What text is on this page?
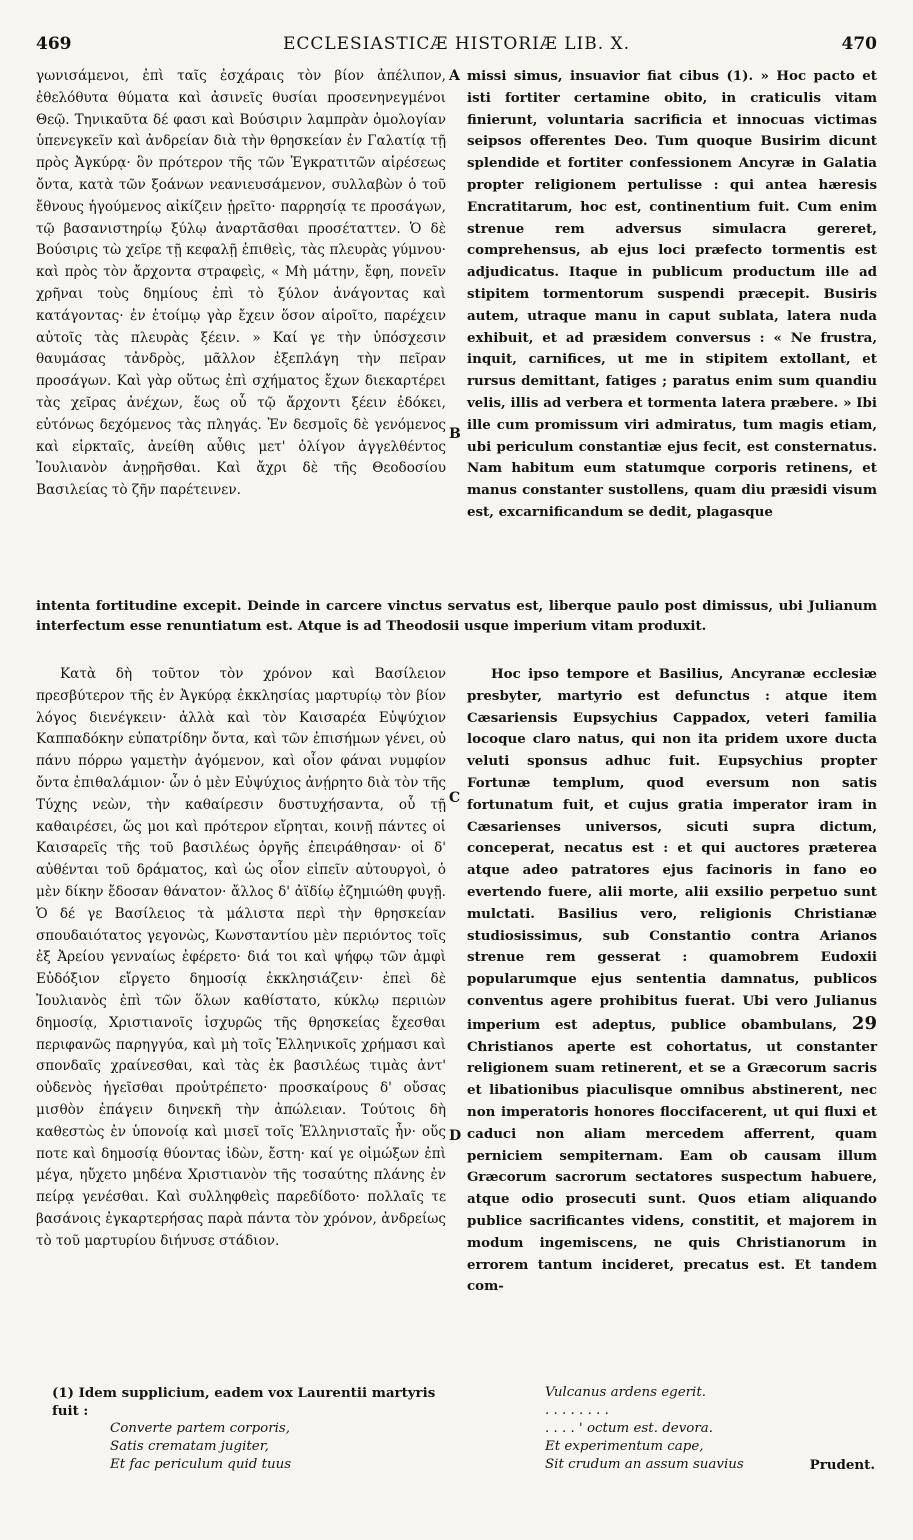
469	ECCLESIASTICÆ HISTORIÆ LIB. X.	470

γωνισάμενοι, ἐπὶ ταῖς ἐσχάραις τὸν βίον ἀπέλιπον, ἐθελόθυτα θύματα καὶ ἀσινεῖς θυσίαι προσενηνεγμένοι Θεῷ. Τηνικαῦτα δέ φασι καὶ Βούσιριν λαμπρὰν ὁμολογίαν ὑπενεγκεῖν καὶ ἀνδρείαν διὰ τὴν θρησκείαν ἐν Γαλατίᾳ τῇ πρὸς Ἀγκύρᾳ· ὃν πρότερον τῆς τῶν Ἐγκρατιτῶν αἱρέσεως ὄντα, κατὰ τῶν ξοάνων νεανιευσάμενον, συλλαβὼν ὁ τοῦ ἔθνους ἡγούμενος αἰκίζειν ᾑρεῖτο· παρρησίᾳ τε προσάγων, τῷ βασανιστηρίῳ ξύλῳ ἀναρτᾶσθαι προσέταττεν. Ὁ δὲ Βούσιρις τὼ χεῖρε τῇ κεφαλῇ ἐπιθεὶς, τὰς πλευρὰς γύμνου· καὶ πρὸς τὸν ἄρχοντα στραφεὶς, « Μὴ μάτην, ἔφη, πονεῖν χρῆναι τοὺς δημίους ἐπὶ τὸ ξύλον ἀνάγοντας καὶ κατάγοντας· ἐν ἑτοίμῳ γὰρ ἔχειν ὅσον αἱροῖτο, παρέχειν αὐτοῖς τὰς πλευρὰς ξέειν. » Καί γε τὴν ὑπόσχεσιν θαυμάσας τἀνδρὸς, μᾶλλον ἐξεπλάγη τὴν πεῖραν προσάγων. Καὶ γὰρ οὕτως ἐπὶ σχήματος ἔχων διεκαρτέρει τὰς χεῖρας ἀνέχων, ἕως οὗ τῷ ἄρχοντι ξέειν ἐδόκει, εὐτόνως δεχόμενος τὰς πληγάς. Ἐν δεσμοῖς δὲ γενόμενος καὶ εἱρκταῖς, ἀνείθη αὖθις μετ' ὀλίγον ἀγγελθέντος Ἰουλιανὸν ἀνῃρῆσθαι. Καὶ ἄχρι δὲ τῆς Θεοδοσίου Βασιλείας τὸ ζῆν παρέτεινεν.

missi simus, insuavior fiat cibus (1). » Hoc pacto et isti fortiter certamine obito, in craticulis vitam finierunt, voluntaria sacrificia et innocuas victimas seipsos offerentes Deo. Tum quoque Busirim dicunt splendide et fortiter confessionem Ancyræ in Galatia propter religionem pertulisse : qui antea hæresis Encratitarum, hoc est, continentium fuit. Cum enim strenue rem adversus simulacra gereret, comprehensus, ab ejus loci præfecto tormentis est adjudicatus. Itaque in publicum productum ille ad stipitem tormentorum suspendi præcepit. Busiris autem, utraque manu in caput sublata, latera nuda exhibuit, et ad præsidem conversus : « Ne frustra, inquit, carnifices, ut me in stipitem extollant, et rursus demittant, fatiges ; paratus enim sum quandiu velis, illis ad verbera et tormenta latera præbere. » Ibi ille cum promissum viri admiratus, tum magis etiam, ubi periculum constantiæ ejus fecit, est consternatus. Nam habitum eum statumque corporis retinens, et manus constanter sustollens, quam diu præsidi visum est, excarnificandum se dedit, plagasque

A
B
C
D
intenta fortitudine excepit. Deinde in carcere vinctus servatus est, liberque paulo post dimissus, ubi Julianum interfectum esse renuntiatum est. Atque is ad Theodosii usque imperium vitam produxit.

Κατὰ δὴ τοῦτον τὸν χρόνον καὶ Βασίλειον πρεσβύτερον τῆς ἐν Ἀγκύρᾳ ἐκκλησίας μαρτυρίῳ τὸν βίον λόγος διενέγκειν· ἀλλὰ καὶ τὸν Καισαρέα Εὐψύχιον Καππαδόκην εὐπατρίδην ὄντα, καὶ τῶν ἐπισήμων γένει, οὐ πάνυ πόρρω γαμετὴν ἀγόμενον, καὶ οἷον φάναι νυμφίον ὄντα ἐπιθαλάμιον· ὧν ὁ μὲν Εὐψύχιος ἀνῄρητο διὰ τὸν τῆς Τύχης νεὼν, τὴν καθαίρεσιν δυστυχήσαντα, οὗ τῇ καθαιρέσει, ὥς μοι καὶ πρότερον εἴρηται, κοινῇ πάντες οἱ Καισαρεῖς τῆς τοῦ βασιλέως ὀργῆς ἐπειράθησαν· οἱ δ' αὐθένται τοῦ δράματος, καὶ ὡς οἷον εἰπεῖν αὐτουργοὶ, ὁ μὲν δίκην ἔδοσαν θάνατον· ἄλλος δ' ἀϊδίῳ ἐζημιώθη φυγῇ. Ὁ δέ γε Βασίλειος τὰ μάλιστα περὶ τὴν θρησκείαν σπουδαιότατος γεγονὼς, Κωνσταντίου μὲν περιόντος τοῖς ἐξ Ἀρείου γενναίως ἐφέρετο· διά τοι καὶ ψήφῳ τῶν ἀμφὶ Εὐδόξιον εἴργετο δημοσίᾳ ἐκκλησιάζειν· ἐπεὶ δὲ Ἰουλιανὸς ἐπὶ τῶν ὅλων καθίστατο, κύκλῳ περιιὼν δημοσίᾳ, Χριστιανοῖς ἰσχυρῶς τῆς θρησκείας ἔχεσθαι περιφανῶς παρηγγύα, καὶ μὴ τοῖς Ἑλληνικοῖς χρήμασι καὶ σπονδαῖς χραίνεσθαι, καὶ τὰς ἐκ βασιλέως τιμὰς ἀντ' οὐδενὸς ἡγεῖσθαι προὐτρέπετο· προσκαίρους δ' οὔσας μισθὸν ἐπάγειν διηνεκῆ τὴν ἀπώλειαν. Τούτοις δὴ καθεστὼς ἐν ὑπονοίᾳ καὶ μισεῖ τοῖς Ἑλληνισταῖς ἦν· οὕς ποτε καὶ δημοσίᾳ θύοντας ἰδὼν, ἔστη· καί γε οἰμώξων ἐπὶ μέγα, ηὔχετο μηδένα Χριστιανὸν τῆς τοσαύτης πλάνης ἐν πείρᾳ γενέσθαι. Καὶ συλληφθεὶς παρεδίδοτο· πολλαῖς τε βασάνοις ἐγκαρτερήσας παρὰ πάντα τὸν χρόνον, ἀνδρείως τὸ τοῦ μαρτυρίου διήνυσε στάδιον.

Hoc ipso tempore et Basilius, Ancyranæ ecclesiæ presbyter, martyrio est defunctus : atque item Cæsariensis Eupsychius Cappadox, veteri familia locoque claro natus, qui non ita pridem uxore ducta veluti sponsus adhuc fuit. Eupsychius propter Fortunæ templum, quod eversum non satis fortunatum fuit, et cujus gratia imperator iram in Cæsarienses universos, sicuti supra dictum, conceperat, necatus est : et qui auctores præterea atque adeo patratores ejus facinoris in fano eo evertendo fuere, alii morte, alii exsilio perpetuo sunt mulctati. Basilius vero, religionis Christianæ studiosissimus, sub Constantio contra Arianos strenue rem gesserat : quamobrem Eudoxii popularumque ejus sententia damnatus, publicos conventus agere prohibitus fuerat. Ubi vero Julianus imperium est adeptus, publice obambulans, 29 Christianos aperte est cohortatus, ut constanter religionem suam retinerent, et se a Græcorum sacris et libationibus piaculisque omnibus abstinerent, nec non imperatoris honores floccifacerent, ut qui fluxi et caduci non aliam mercedem afferrent, quam perniciem sempiternam. Eam ob causam illum Græcorum sacrorum sectatores suspectum habuere, atque odio prosecuti sunt. Quos etiam aliquando publice sacrificantes videns, constitit, et majorem in modum ingemiscens, ne quis Christianorum in errorem tantum incideret, precatus est. Et tandem com-

(1) Idem supplicium, eadem vox Laurentii martyris fuit :
Converte partem corporis,
Satis crematam jugiter,
Et fac periculum quid tuus
Vulcanus ardens egerit.
. . . . . . . .
. . . . ' octum est. devora.
Et experimentum cape,
Sit crudum an assum suavius	Prudent.
